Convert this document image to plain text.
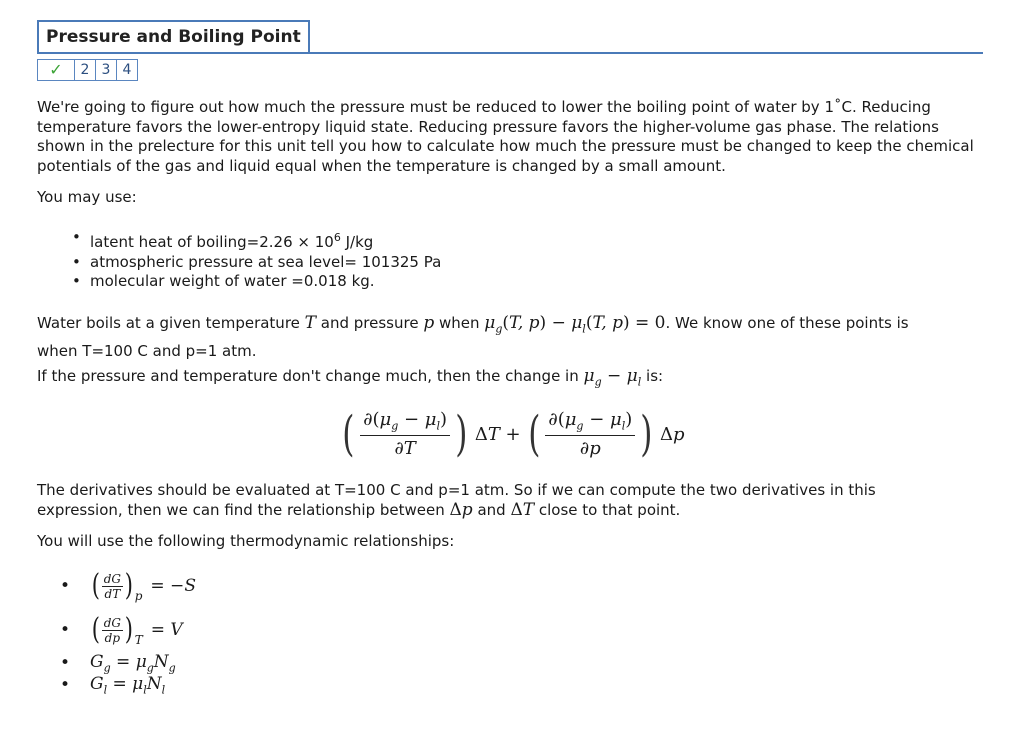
Pressure and Boiling Point
✓	2 3 4

We're going to figure out how much the pressure must be reduced to lower the boiling point of water by 1˚C. Reducing temperature favors the lower-entropy liquid state. Reducing pressure favors the higher-volume gas phase. The relations shown in the prelecture for this unit tell you how to calculate how much the pressure must be changed to keep the chemical potentials of the gas and liquid equal when the temperature is changed by a small amount.

You may use:

• latent heat of boiling=2.26 × $10^6$ J/kg
• atmospheric pressure at sea level= 101325 Pa
• molecular weight of water =0.018 kg.

Water boils at a given temperature T and pressure p when $\mu_g(T$, $p) - \mu_l(T$, p) = 0. We know one of these points is
when T=100 C and p=1 atm.

If the pressure and temperature don't change much, then the change in $\mu_g - \mu_l$ is:

( $\frac{\partial(\mu_g - \mu_l)}{\partial T}$ ) ΔT + ( $\frac{\partial(\mu_g - \mu_l)}{\partial p}$ ) Δp

The derivatives should be evaluated at T=100 C and p=1 atm. So if we can compute the two derivatives in this
expression, then we can find the relationship between Δp and ΔT close to that point.

You will use the following thermodynamic relationships:

• ( dG
dT ) p = −S
• ( dG
dp ) T = V
• $G_g = \mu_gN_g$
• $G_l = \mu_lN_l$
